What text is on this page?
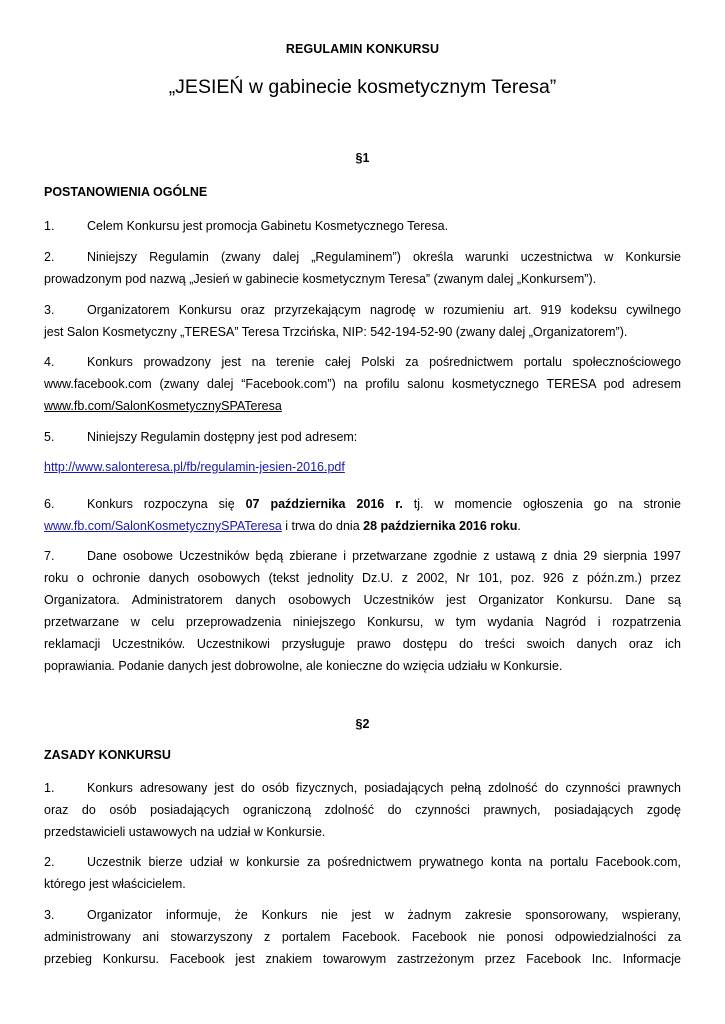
REGULAMIN KONKURSU
„JESIEŃ w gabinecie kosmetycznym Teresa”
§1
POSTANOWIENIA OGÓLNE
1.	Celem Konkursu jest promocja Gabinetu Kosmetycznego Teresa.
2.	Niniejszy Regulamin (zwany dalej „Regulaminem”) określa warunki uczestnictwa w Konkursie
prowadzonym pod nazwą „Jesień w gabinecie kosmetycznym Teresa” (zwanym dalej „Konkursem”).
3.	Organizatorem Konkursu oraz przyrzekającym nagrodę w rozumieniu art. 919 kodeksu cywilnego
jest Salon Kosmetyczny „TERESA” Teresa Trzcińska, NIP: 542-194-52-90 (zwany dalej „Organizatorem”).
4.	Konkurs prowadzony jest na terenie całej Polski za pośrednictwem portalu społecznościowego
www.facebook.com (zwany dalej “Facebook.com”) na profilu salonu kosmetycznego TERESA pod adresem
www.fb.com/SalonKosmetycznySPATeresa
5.	Niniejszy Regulamin dostępny jest pod adresem:
http://www.salonteresa.pl/fb/regulamin-jesien-2016.pdf
6.	Konkurs rozpoczyna się 07 października 2016 r. tj. w momencie ogłoszenia go na stronie
www.fb.com/SalonKosmetycznySPATeresa i trwa do dnia 28 października 2016 roku.
7.	Dane osobowe Uczestników będą zbierane i przetwarzane zgodnie z ustawą z dnia 29 sierpnia 1997
roku o ochronie danych osobowych (tekst jednolity Dz.U. z 2002, Nr 101, poz. 926 z późn.zm.) przez
Organizatora. Administratorem danych osobowych Uczestników jest Organizator Konkursu. Dane są
przetwarzane w celu przeprowadzenia niniejszego Konkursu, w tym wydania Nagród i rozpatrzenia
reklamacji Uczestników. Uczestnikowi przysługuje prawo dostępu do treści swoich danych oraz ich
poprawiania. Podanie danych jest dobrowolne, ale konieczne do wzięcia udziału w Konkursie.
§2
ZASADY KONKURSU
1.	Konkurs adresowany jest do osób fizycznych, posiadających pełną zdolność do czynności prawnych
oraz do osób posiadających ograniczoną zdolność do czynności prawnych, posiadających zgodę
przedstawicieli ustawowych na udział w Konkursie.
2.	Uczestnik bierze udział w konkursie za pośrednictwem prywatnego konta na portalu Facebook.com,
którego jest właścicielem.
3.	Organizator informuje, że Konkurs nie jest w żadnym zakresie sponsorowany, wspierany,
administrowany ani stowarzyszony z portalem Facebook. Facebook nie ponosi odpowiedzialności za
przebieg Konkursu. Facebook jest znakiem towarowym zastrzeżonym przez Facebook Inc. Informacje
